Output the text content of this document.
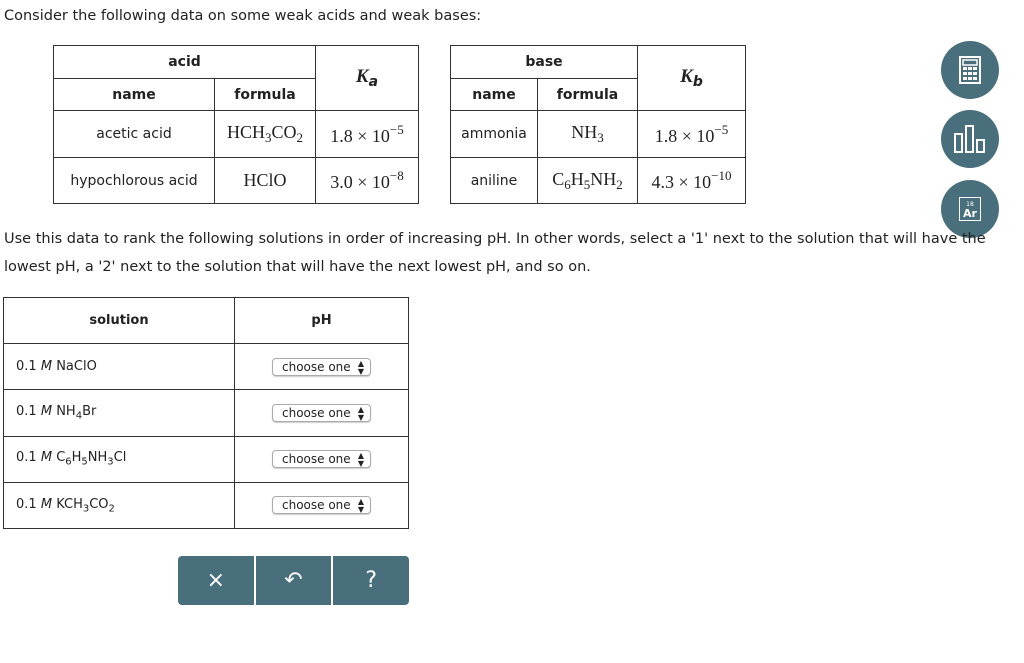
Consider the following data on some weak acids and weak bases:
acid		$K_a$
name	formula	
acetic acid	$HCH_3CO_2$	$1.8 \times 10^{-5}$
hypochlorous acid	HClO	$3.0 \times 10^{-8}$
base		$K_b$
name	formula	
ammonia	$NH_3$	$1.8 \times 10^{-5}$
aniline	$C_6H_5NH_2$	$4.3 \times 10^{-10}$
18
Ar
Use this data to rank the following solutions in order of increasing pH. In other words, select a '1' next to the solution that will have the lowest pH, a '2' next to the solution that will have the next lowest pH, and so on.
solution	pH
0.1 M NaClO	choose one ▲
▼

0.1 M $NH_4Br$	choose one ▲
▼

0.1 M $C_6H_5NH_3Cl$	choose one ▲
▼

0.1 M $KCH_3CO_2$	choose one ▲
▼
×	↶	?
